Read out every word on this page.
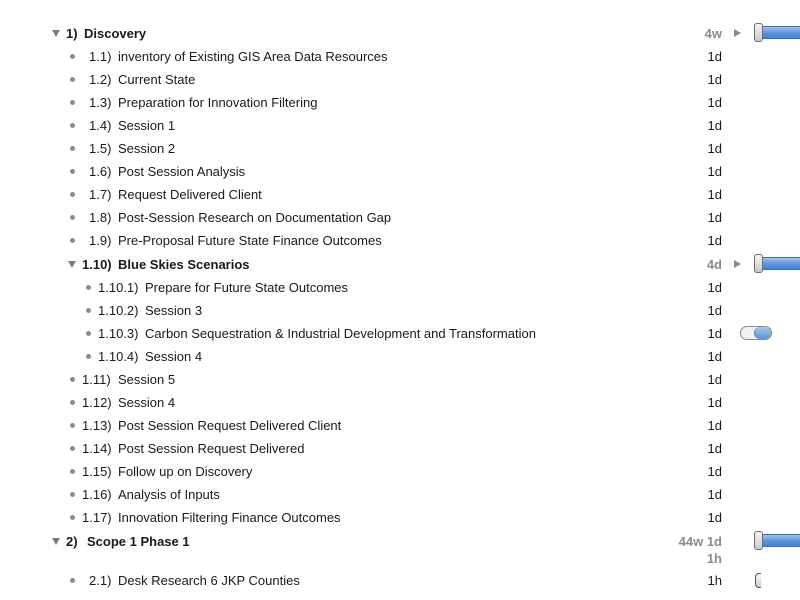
1) Discovery	4w
1.1) inventory of Existing GIS Area Data Resources	1d
1.2) Current State	1d
1.3) Preparation for Innovation Filtering	1d
1.4) Session 1	1d
1.5) Session 2	1d
1.6) Post Session Analysis	1d
1.7) Request Delivered Client	1d
1.8) Post-Session Research on Documentation Gap	1d
1.9) Pre-Proposal Future State Finance Outcomes	1d
1.10) Blue Skies Scenarios	4d
1.10.1) Prepare for Future State Outcomes	1d
1.10.2) Session 3	1d
1.10.3) Carbon Sequestration & Industrial Development and Transformation	1d
1.10.4) Session 4	1d
1.11) Session 5	1d
1.12) Session 4	1d
1.13) Post Session Request Delivered Client	1d
1.14) Post Session Request Delivered	1d
1.15) Follow up on Discovery	1d
1.16) Analysis of Inputs	1d
1.17) Innovation Filtering Finance Outcomes	1d
2) Scope 1 Phase 1	44w 1d
1h
2.1) Desk Research 6 JKP Counties	1h
